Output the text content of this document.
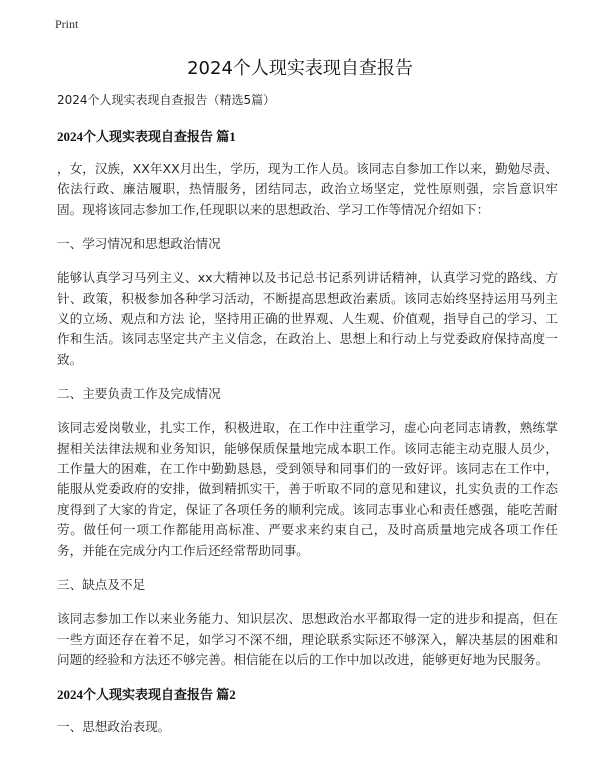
Print
2024个人现实表现自查报告

2024个人现实表现自查报告（精选5篇）

2024个人现实表现自查报告 篇1

，女，汉族，XX年XX月出生，学历，现为工作人员。该同志自参加工作以来，勤勉尽责、依法行政、廉洁履职，热情服务，团结同志，政治立场坚定，党性原则强，宗旨意识牢固。现将该同志参加工作,任现职以来的思想政治、学习工作等情况介绍如下：

一、学习情况和思想政治情况

能够认真学习马列主义、xx大精神以及书记总书记系列讲话精神，认真学习党的路线、方针、政策，积极参加各种学习活动，不断提高思想政治素质。该同志始终坚持运用马列主义的立场、观点和方法 论，坚持用正确的世界观、人生观、价值观，指导自己的学习、工作和生活。该同志坚定共产主义信念，在政治上、思想上和行动上与党委政府保持高度一致。

二、主要负责工作及完成情况

该同志爱岗敬业，扎实工作，积极进取，在工作中注重学习，虚心向老同志请教，熟练掌握相关法律法规和业务知识，能够保质保量地完成本职工作。该同志能主动克服人员少，工作量大的困难，在工作中勤勤恳恳，受到领导和同事们的一致好评。该同志在工作中，能服从党委政府的安排，做到精抓实干，善于听取不同的意见和建议，扎实负责的工作态度得到了大家的肯定，保证了各项任务的顺利完成。该同志事业心和责任感强，能吃苦耐劳。做任何一项工作都能用高标准、严要求来约束自己，及时高质量地完成各项工作任务，并能在完成分内工作后还经常帮助同事。

三、缺点及不足

该同志参加工作以来业务能力、知识层次、思想政治水平都取得一定的进步和提高，但在一些方面还存在着不足，如学习不深不细，理论联系实际还不够深入，解决基层的困难和问题的经验和方法还不够完善。相信能在以后的工作中加以改进，能够更好地为民服务。

2024个人现实表现自查报告 篇2

一、思想政治表现。
